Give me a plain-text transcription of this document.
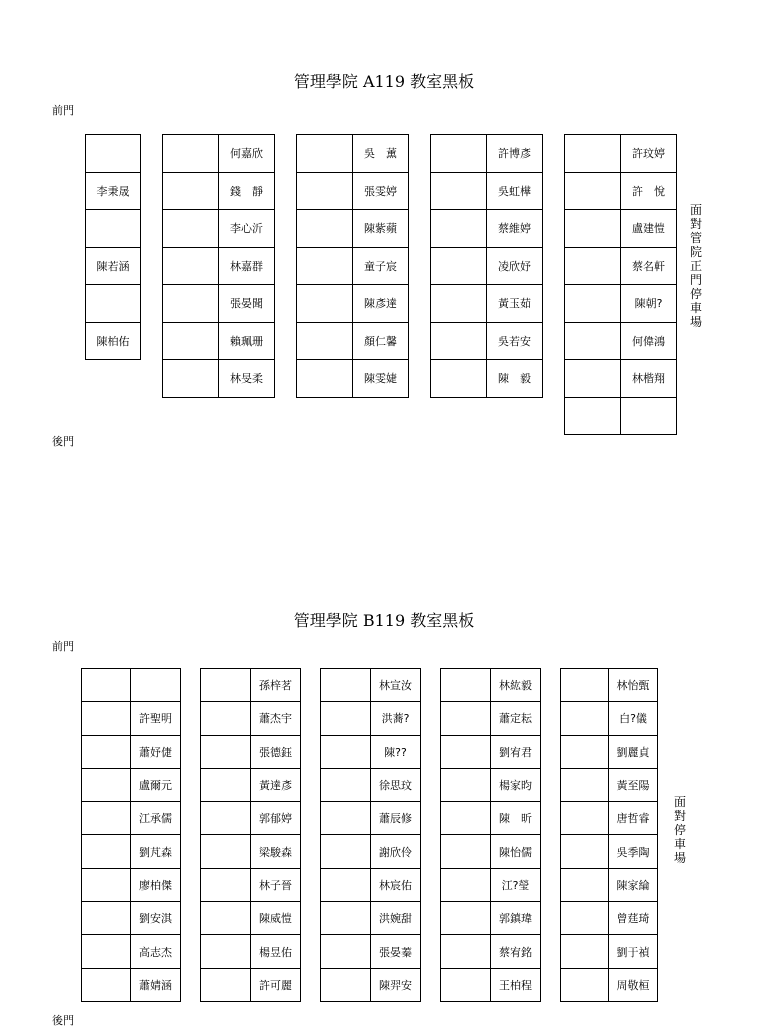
管理學院 A119 教室黑板
前門
後門
面
對
管
院
正
門
停
車
場
			何嘉欣			吳　薰			許博彥			許玟婷
李秉晟			錢　靜			張雯婷			吳虹樺			許　悅
			李心沂			陳紫蘋			蔡維婷			盧建愷
陳若涵			林嘉群			童子宸			凌欣妤			蔡名軒
			張晏聞			陳彥達			黃玉茹			陳朝?
陳柏佑			賴珮珊			顏仁馨			吳若安			何偉鴻
			林旻柔			陳雯婕			陳　毅			林楷翔

管理學院 B119 教室黑板
前門
後門
面
對
停
車
場
				孫梓茗			林宣汝			林紘毅			林怡甄
	許聖明			蕭杰宇			洪蕎?			蕭定耘			白?儀
	蕭妤倢			張德鈺			陳??			劉宥君			劉麗貞
	盧爾元			黃達彥			徐思玟			楊家昀			黃至陽
	江承儒			郭郁婷			蕭辰修			陳　昕			唐哲睿
	劉芃森			梁駿森			謝欣伶			陳怡儒			吳季陶
	廖柏傑			林子晉			林宸佑			江?瑩			陳家綸
	劉安淇			陳威愷			洪婉甜			郭鎮瑋			曾莛琦
	高志杰			楊昱佑			張晏蓁			蔡宥銘			劉于禎
	蕭婧涵			許可麗			陳羿安			王柏程			周敬桓
